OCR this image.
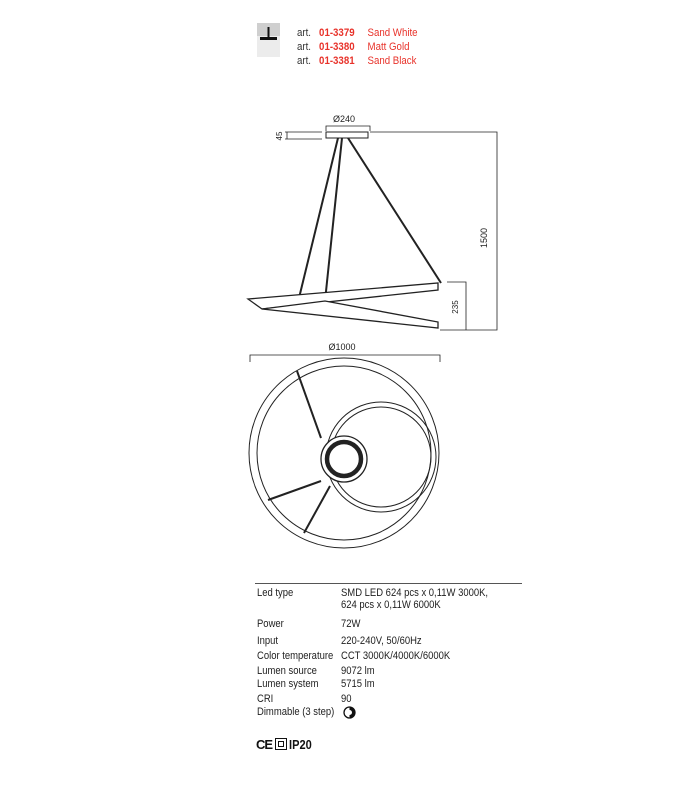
art. 01-3379 Sand White
art. 01-3380 Matt Gold
art. 01-3381 Sand Black
Ø240
45
1500
235
Ø1000
Led type	SMD LED 624 pcs x 0,11W 3000K,
624 pcs x 0,11W 6000K
Power	72W
Input	220-240V, 50/60Hz
Color temperature CCT 3000K/4000K/6000K
Lumen source 9072 lm
Lumen system 5715 lm
CRI	90
Dimmable (3 step)
CE IP20
